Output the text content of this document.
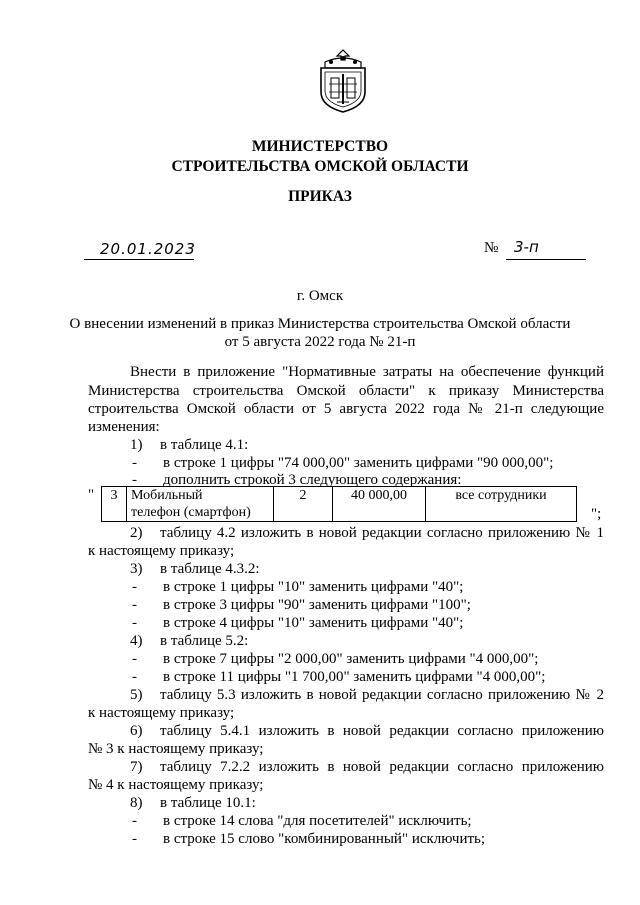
МИНИСТЕРСТВО
СТРОИТЕЛЬСТВА ОМСКОЙ ОБЛАСТИ
ПРИКАЗ
20.01.2023	№ 3-п
г. Омск
О внесении изменений в приказ Министерства строительства Омской области
от 5 августа 2022 года № 21-п
Внести в приложение "Нормативные затраты на обеспечение функций
Министерства строительства Омской области" к приказу Министерства
строительства Омской области от 5 августа 2022 года № 21-п следующие
изменения:
1) в таблице 4.1:
- в строке 1 цифры "74 000,00" заменить цифрами "90 000,00";
- дополнить строкой 3 следующего содержания:
" 3	Мобильный
телефон (смартфон)
	2	40 000,00	все сотрудники
";
2) таблицу 4.2 изложить в новой редакции согласно приложению № 1
к настоящему приказу;
3) в таблице 4.3.2:
- в строке 1 цифры "10" заменить цифрами "40";
- в строке 3 цифры "90" заменить цифрами "100";
- в строке 4 цифры "10" заменить цифрами "40";
4) в таблице 5.2:
- в строке 7 цифры "2 000,00" заменить цифрами "4 000,00";
- в строке 11 цифры "1 700,00" заменить цифрами "4 000,00";
5) таблицу 5.3 изложить в новой редакции согласно приложению № 2
к настоящему приказу;
6) таблицу 5.4.1 изложить в новой редакции согласно приложению
№ 3 к настоящему приказу;
7) таблицу 7.2.2 изложить в новой редакции согласно приложению
№ 4 к настоящему приказу;
8) в таблице 10.1:
- в строке 14 слова "для посетителей" исключить;
- в строке 15 слово "комбинированный" исключить;
